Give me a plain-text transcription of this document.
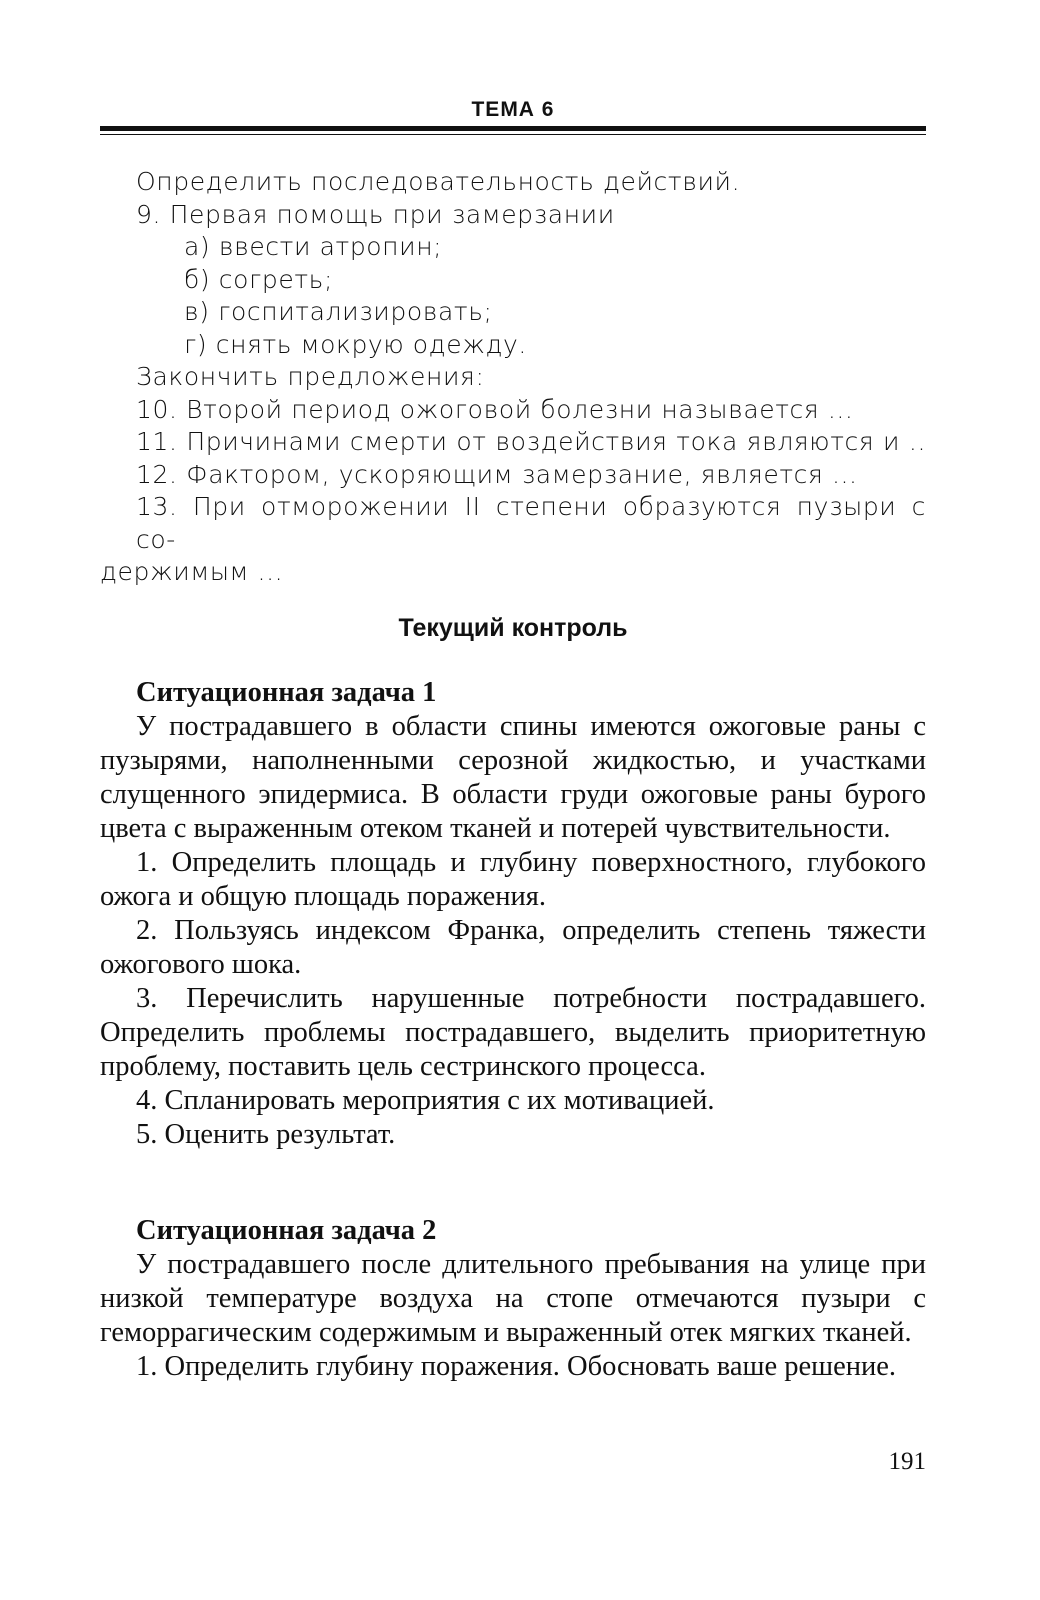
ТЕМА 6
Определить последовательность действий.
9. Первая помощь при замерзании
а) ввести атропин;
б) согреть;
в) госпитализировать;
г) снять мокрую одежду.
Закончить предложения:
10. Второй период ожоговой болезни называется ...
11. Причинами смерти от воздействия тока являются и ..
12. Фактором, ускоряющим замерзание, является ...
13. При отморожении II степени образуются пузыри с со-
держимым ...
Текущий контроль
Ситуационная задача 1

У пострадавшего в области спины имеются ожоговые раны с пузырями, наполненными серозной жидкостью, и участками слущенного эпидермиса. В области груди ожоговые раны бурого цвета с выраженным отеком тканей и потерей чувствительности.

1. Определить площадь и глубину поверхностного, глубокого ожога и общую площадь поражения.

2. Пользуясь индексом Франка, определить степень тяжести ожогового шока.

3. Перечислить нарушенные потребности пострадавшего. Определить проблемы пострадавшего, выделить приоритетную проблему, поставить цель сестринского процесса.

4. Спланировать мероприятия с их мотивацией.

5. Оценить результат.

Ситуационная задача 2

У пострадавшего после длительного пребывания на улице при низкой температуре воздуха на стопе отмечаются пузыри с геморрагическим содержимым и выраженный отек мягких тканей.

1. Определить глубину поражения. Обосновать ваше решение.

191
